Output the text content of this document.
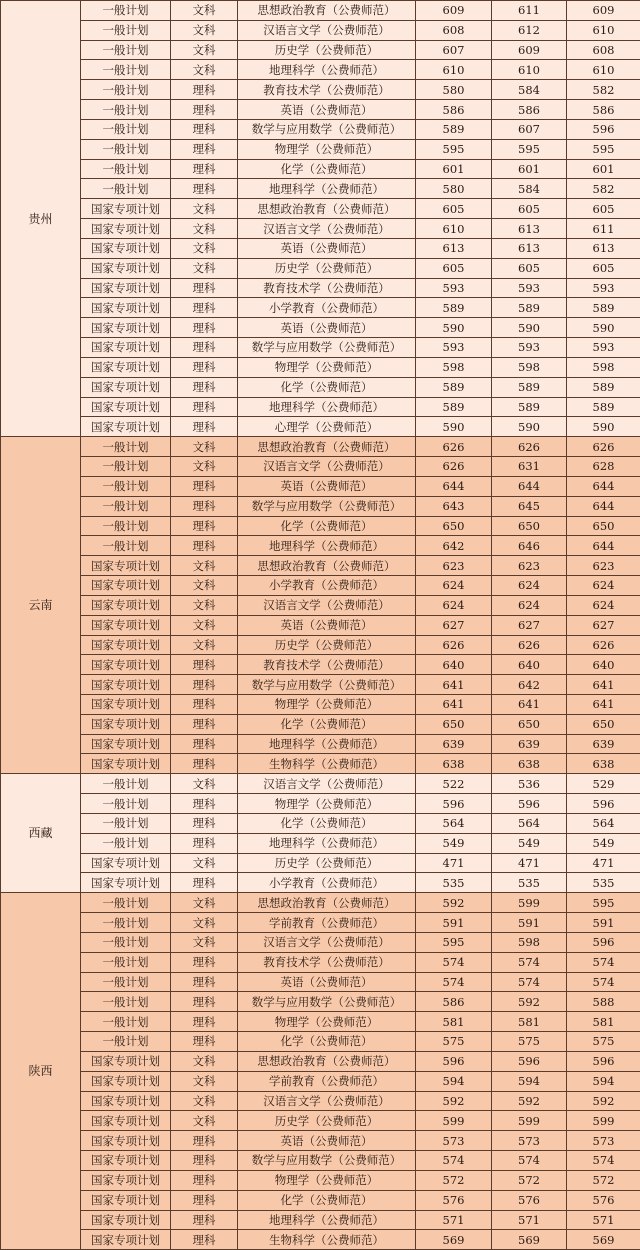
贵州	一般计划	文科	思想政治教育（公费师范）	609	611	609
	一般计划	文科	汉语言文学（公费师范）	608	612	610
	一般计划	文科	历史学（公费师范）	607	609	608
	一般计划	文科	地理科学（公费师范）	610	610	610
	一般计划	理科	教育技术学（公费师范）	580	584	582
	一般计划	理科	英语（公费师范）	586	586	586
	一般计划	理科	数学与应用数学（公费师范）	589	607	596
	一般计划	理科	物理学（公费师范）	595	595	595
	一般计划	理科	化学（公费师范）	601	601	601
	一般计划	理科	地理科学（公费师范）	580	584	582
	国家专项计划	文科	思想政治教育（公费师范）	605	605	605
	国家专项计划	文科	汉语言文学（公费师范）	610	613	611
	国家专项计划	文科	英语（公费师范）	613	613	613
	国家专项计划	文科	历史学（公费师范）	605	605	605
	国家专项计划	理科	教育技术学（公费师范）	593	593	593
	国家专项计划	理科	小学教育（公费师范）	589	589	589
	国家专项计划	理科	英语（公费师范）	590	590	590
	国家专项计划	理科	数学与应用数学（公费师范）	593	593	593
	国家专项计划	理科	物理学（公费师范）	598	598	598
	国家专项计划	理科	化学（公费师范）	589	589	589
	国家专项计划	理科	地理科学（公费师范）	589	589	589
	国家专项计划	理科	心理学（公费师范）	590	590	590
云南	一般计划	文科	思想政治教育（公费师范）	626	626	626
	一般计划	文科	汉语言文学（公费师范）	626	631	628
	一般计划	理科	英语（公费师范）	644	644	644
	一般计划	理科	数学与应用数学（公费师范）	643	645	644
	一般计划	理科	化学（公费师范）	650	650	650
	一般计划	理科	地理科学（公费师范）	642	646	644
	国家专项计划	文科	思想政治教育（公费师范）	623	623	623
	国家专项计划	文科	小学教育（公费师范）	624	624	624
	国家专项计划	文科	汉语言文学（公费师范）	624	624	624
	国家专项计划	文科	英语（公费师范）	627	627	627
	国家专项计划	文科	历史学（公费师范）	626	626	626
	国家专项计划	理科	教育技术学（公费师范）	640	640	640
	国家专项计划	理科	数学与应用数学（公费师范）	641	642	641
	国家专项计划	理科	物理学（公费师范）	641	641	641
	国家专项计划	理科	化学（公费师范）	650	650	650
	国家专项计划	理科	地理科学（公费师范）	639	639	639
	国家专项计划	理科	生物科学（公费师范）	638	638	638
西藏	一般计划	文科	汉语言文学（公费师范）	522	536	529
	一般计划	理科	物理学（公费师范）	596	596	596
	一般计划	理科	化学（公费师范）	564	564	564
	一般计划	理科	地理科学（公费师范）	549	549	549
	国家专项计划	文科	历史学（公费师范）	471	471	471
	国家专项计划	理科	小学教育（公费师范）	535	535	535
陕西	一般计划	文科	思想政治教育（公费师范）	592	599	595
	一般计划	文科	学前教育（公费师范）	591	591	591
	一般计划	文科	汉语言文学（公费师范）	595	598	596
	一般计划	理科	教育技术学（公费师范）	574	574	574
	一般计划	理科	英语（公费师范）	574	574	574
	一般计划	理科	数学与应用数学（公费师范）	586	592	588
	一般计划	理科	物理学（公费师范）	581	581	581
	一般计划	理科	化学（公费师范）	575	575	575
	国家专项计划	文科	思想政治教育（公费师范）	596	596	596
	国家专项计划	文科	学前教育（公费师范）	594	594	594
	国家专项计划	文科	汉语言文学（公费师范）	592	592	592
	国家专项计划	文科	历史学（公费师范）	599	599	599
	国家专项计划	理科	英语（公费师范）	573	573	573
	国家专项计划	理科	数学与应用数学（公费师范）	574	574	574
	国家专项计划	理科	物理学（公费师范）	572	572	572
	国家专项计划	理科	化学（公费师范）	576	576	576
	国家专项计划	理科	地理科学（公费师范）	571	571	571
	国家专项计划	理科	生物科学（公费师范）	569	569	569
